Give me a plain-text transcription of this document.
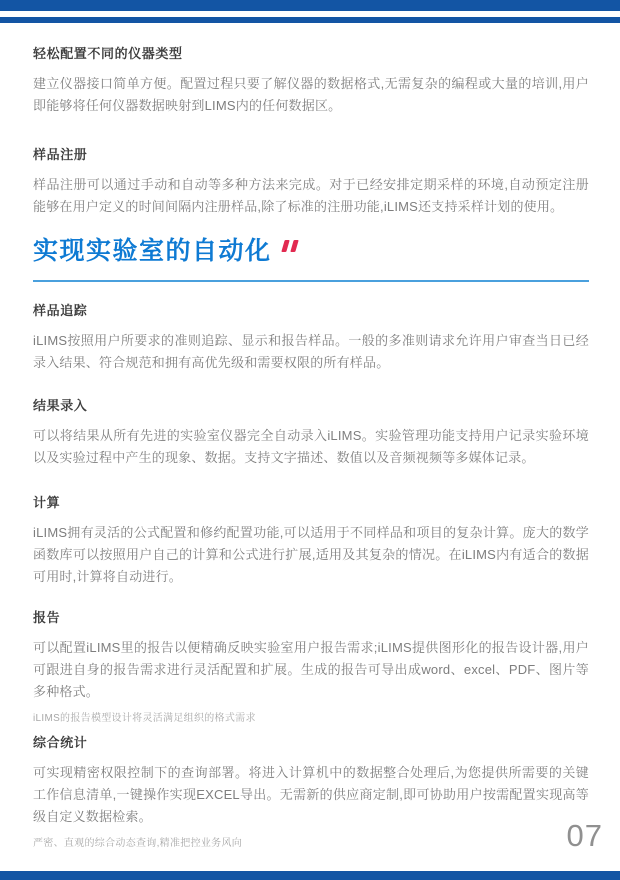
轻松配置不同的仪器类型

建立仪器接口简单方便。配置过程只要了解仪器的数据格式,无需复杂的编程或大量的培训,用户即能够将任何仪器数据映射到LIMS内的任何数据区。

样品注册

样品注册可以通过手动和自动等多种方法来完成。对于已经安排定期采样的环境,自动预定注册能够在用户定义的时间间隔内注册样品,除了标准的注册功能,iLIMS还支持采样计划的使用。

实现实验室的自动化
样品追踪

iLIMS按照用户所要求的准则追踪、显示和报告样品。一般的多准则请求允许用户审查当日已经录入结果、符合规范和拥有高优先级和需要权限的所有样品。

结果录入

可以将结果从所有先进的实验室仪器完全自动录入iLIMS。实验管理功能支持用户记录实验环境以及实验过程中产生的现象、数据。支持文字描述、数值以及音频视频等多媒体记录。

计算

iLIMS拥有灵活的公式配置和修约配置功能,可以适用于不同样品和项目的复杂计算。庞大的数学函数库可以按照用户自己的计算和公式进行扩展,适用及其复杂的情况。在iLIMS内有适合的数据可用时,计算将自动进行。

报告

可以配置iLIMS里的报告以便精确反映实验室用户报告需求;iLIMS提供图形化的报告设计器,用户可跟进自身的报告需求进行灵活配置和扩展。生成的报告可导出成word、excel、PDF、图片等多种格式。

iLIMS的报告模型设计将灵活满足组织的格式需求

综合统计

可实现精密权限控制下的查询部署。将进入计算机中的数据整合处理后,为您提供所需要的关键工作信息清单,一键操作实现EXCEL导出。无需新的供应商定制,即可协助用户按需配置实现高等级自定义数据检索。

严密、直观的综合动态查询,精准把控业务风向	07
